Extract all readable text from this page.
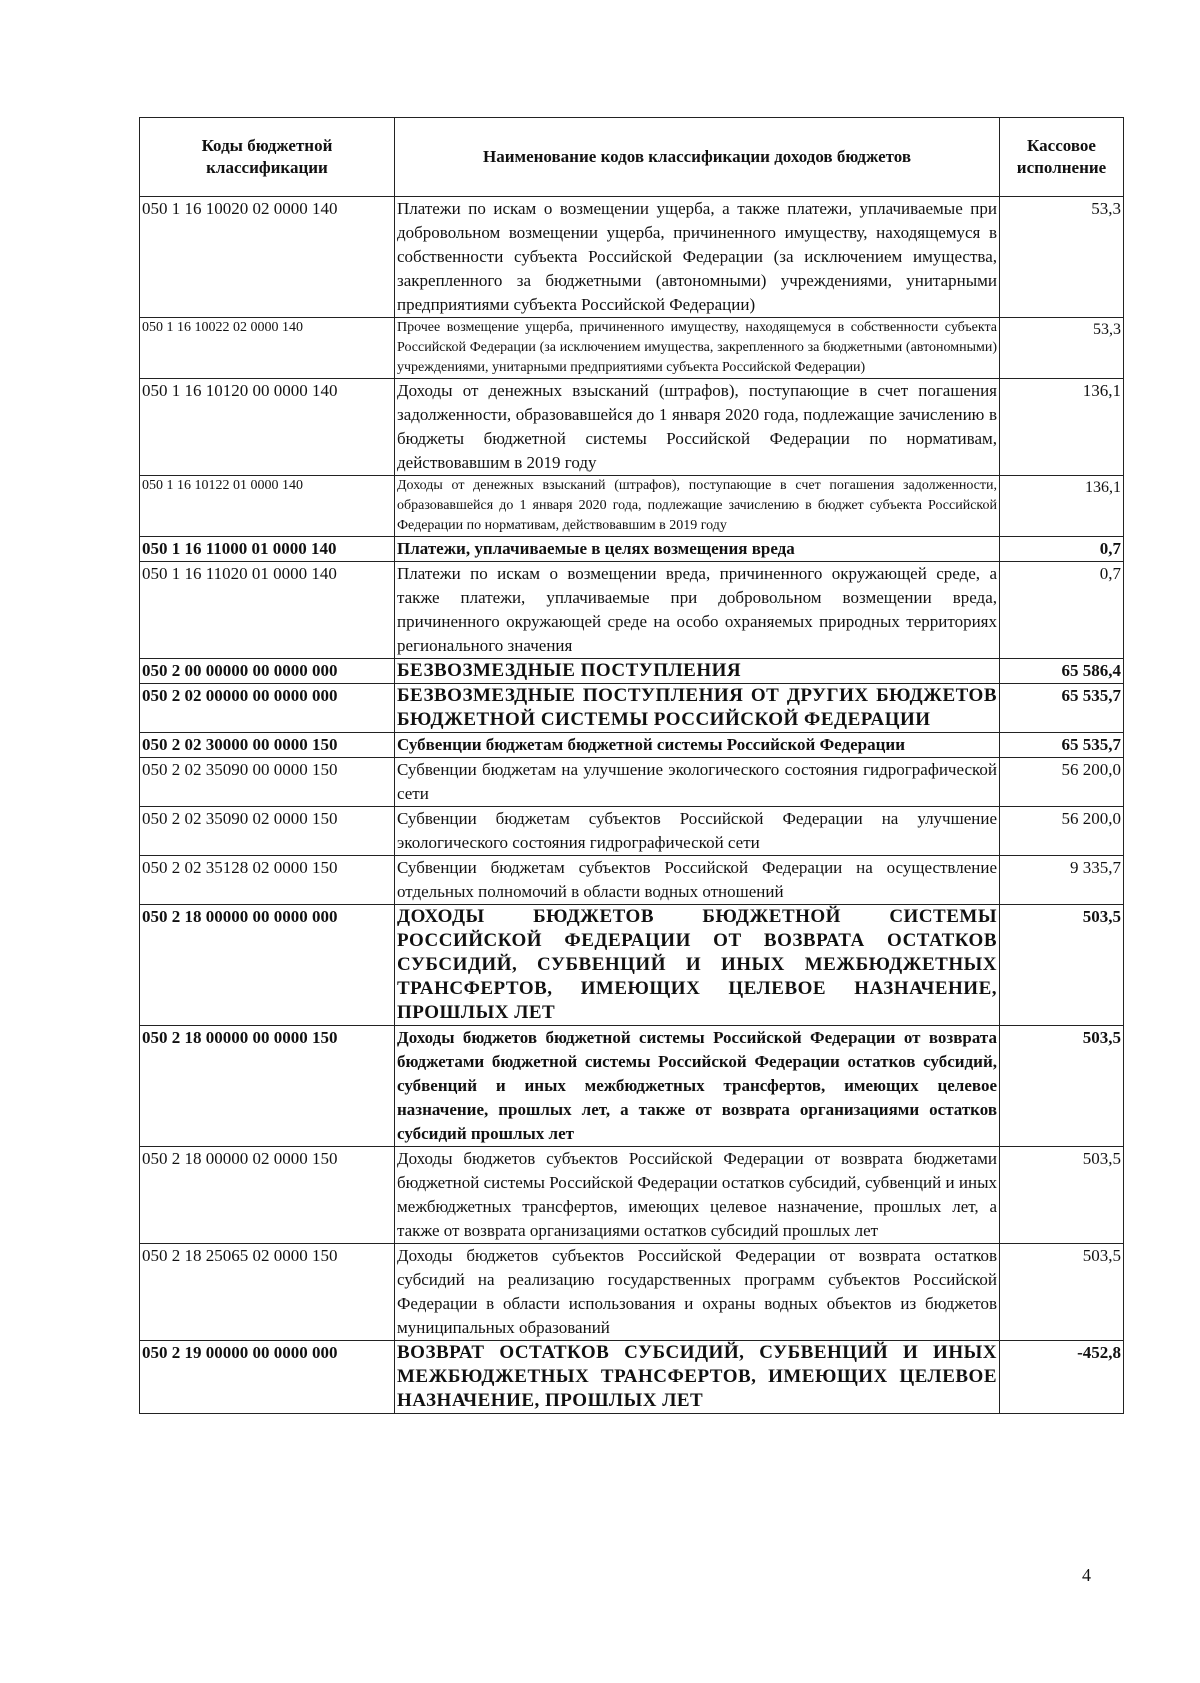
Коды бюджетной классификации	Наименование кодов классификации доходов бюджетов	Кассовое исполнение
050 1 16 10020 02 0000 140	Платежи по искам о возмещении ущерба, а также платежи, уплачиваемые при добровольном возмещении ущерба, причиненного имуществу, находящемуся в собственности субъекта Российской Федерации (за исключением имущества, закрепленного за бюджетными (автономными) учреждениями, унитарными предприятиями субъекта Российской Федерации)	53,3
050 1 16 10022 02 0000 140	Прочее возмещение ущерба, причиненного имуществу, находящемуся в собственности субъекта Российской Федерации (за исключением имущества, закрепленного за бюджетными (автономными) учреждениями, унитарными предприятиями субъекта Российской Федерации)	53,3
050 1 16 10120 00 0000 140	Доходы от денежных взысканий (штрафов), поступающие в счет погашения задолженности, образовавшейся до 1 января 2020 года, подлежащие зачислению в бюджеты бюджетной системы Российской Федерации по нормативам, действовавшим в 2019 году	136,1
050 1 16 10122 01 0000 140	Доходы от денежных взысканий (штрафов), поступающие в счет погашения задолженности, образовавшейся до 1 января 2020 года, подлежащие зачислению в бюджет субъекта Российской Федерации по нормативам, действовавшим в 2019 году	136,1
050 1 16 11000 01 0000 140	Платежи, уплачиваемые в целях возмещения вреда	0,7
050 1 16 11020 01 0000 140	Платежи по искам о возмещении вреда, причиненного окружающей среде, а также платежи, уплачиваемые при добровольном возмещении вреда, причиненного окружающей среде на особо охраняемых природных территориях регионального значения	0,7
050 2 00 00000 00 0000 000	БЕЗВОЗМЕЗДНЫЕ ПОСТУПЛЕНИЯ	65 586,4
050 2 02 00000 00 0000 000	БЕЗВОЗМЕЗДНЫЕ ПОСТУПЛЕНИЯ ОТ ДРУГИХ БЮДЖЕТОВ БЮДЖЕТНОЙ СИСТЕМЫ РОССИЙСКОЙ ФЕДЕРАЦИИ	65 535,7
050 2 02 30000 00 0000 150	Субвенции бюджетам бюджетной системы Российской Федерации	65 535,7
050 2 02 35090 00 0000 150	Субвенции бюджетам на улучшение экологического состояния гидрографической сети	56 200,0
050 2 02 35090 02 0000 150	Субвенции бюджетам субъектов Российской Федерации на улучшение экологического состояния гидрографической сети	56 200,0
050 2 02 35128 02 0000 150	Субвенции бюджетам субъектов Российской Федерации на осуществление отдельных полномочий в области водных отношений	9 335,7
050 2 18 00000 00 0000 000	ДОХОДЫ БЮДЖЕТОВ БЮДЖЕТНОЙ СИСТЕМЫ РОССИЙСКОЙ ФЕДЕРАЦИИ ОТ ВОЗВРАТА ОСТАТКОВ СУБСИДИЙ, СУБВЕНЦИЙ И ИНЫХ МЕЖБЮДЖЕТНЫХ ТРАНСФЕРТОВ, ИМЕЮЩИХ ЦЕЛЕВОЕ НАЗНАЧЕНИЕ, ПРОШЛЫХ ЛЕТ	503,5
050 2 18 00000 00 0000 150	Доходы бюджетов бюджетной системы Российской Федерации от возврата бюджетами бюджетной системы Российской Федерации остатков субсидий, субвенций и иных межбюджетных трансфертов, имеющих целевое назначение, прошлых лет, а также от возврата организациями остатков субсидий прошлых лет	503,5
050 2 18 00000 02 0000 150	Доходы бюджетов субъектов Российской Федерации от возврата бюджетами бюджетной системы Российской Федерации остатков субсидий, субвенций и иных межбюджетных трансфертов, имеющих целевое назначение, прошлых лет, а также от возврата организациями остатков субсидий прошлых лет	503,5
050 2 18 25065 02 0000 150	Доходы бюджетов субъектов Российской Федерации от возврата остатков субсидий на реализацию государственных программ субъектов Российской Федерации в области использования и охраны водных объектов из бюджетов муниципальных образований	503,5
050 2 19 00000 00 0000 000	ВОЗВРАТ ОСТАТКОВ СУБСИДИЙ, СУБВЕНЦИЙ И ИНЫХ МЕЖБЮДЖЕТНЫХ ТРАНСФЕРТОВ, ИМЕЮЩИХ ЦЕЛЕВОЕ НАЗНАЧЕНИЕ, ПРОШЛЫХ ЛЕТ	-452,8
4
